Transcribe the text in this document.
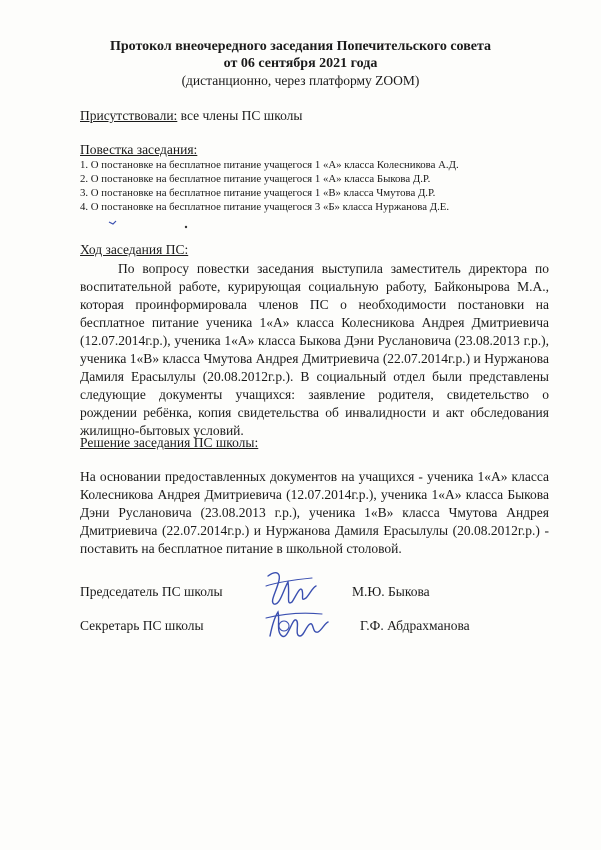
Протокол внеочередного заседания Попечительского совета
от 06 сентября 2021 года
(дистанционно, через платформу ZOOM)
Присутствовали: все члены ПС школы
Повестка заседания:
1. О постановке на бесплатное питание учащегося 1 «А» класса Колесникова А.Д.
2. О постановке на бесплатное питание учащегося 1 «А» класса Быкова Д.Р.
3. О постановке на бесплатное питание учащегося 1 «В» класса Чмутова Д.Р.
4. О постановке на бесплатное питание учащегося 3 «Б» класса Нуржанова Д.Е.
Ход заседания ПС:

По вопросу повестки заседания выступила заместитель директора по воспитательной работе, курирующая социальную работу, Байконырова М.А., которая проинформировала членов ПС о необходимости постановки на бесплатное питание ученика 1«А» класса Колесникова Андрея Дмитриевича (12.07.2014г.р.), ученика 1«А» класса Быкова Дэни Руслановича (23.08.2013 г.р.), ученика 1«В» класса Чмутова Андрея Дмитриевича (22.07.2014г.р.) и Нуржанова Дамиля Ерасылулы (20.08.2012г.р.). В социальный отдел были представлены следующие документы учащихся: заявление родителя, свидетельство о рождении ребёнка, копия свидетельства об инвалидности и акт обследования жилищно-бытовых условий.

Решение заседания ПС школы:

На основании предоставленных документов на учащихся - ученика 1«А» класса Колесникова Андрея Дмитриевича (12.07.2014г.р.), ученика 1«А» класса Быкова Дэни Руслановича (23.08.2013 г.р.), ученика 1«В» класса Чмутова Андрея Дмитриевича (22.07.2014г.р.) и Нуржанова Дамиля Ерасылулы (20.08.2012г.р.) - поставить на бесплатное питание в школьной столовой.

Председатель ПС школы	М.Ю. Быкова
Секретарь ПС школы	Г.Ф. Абдрахманова
